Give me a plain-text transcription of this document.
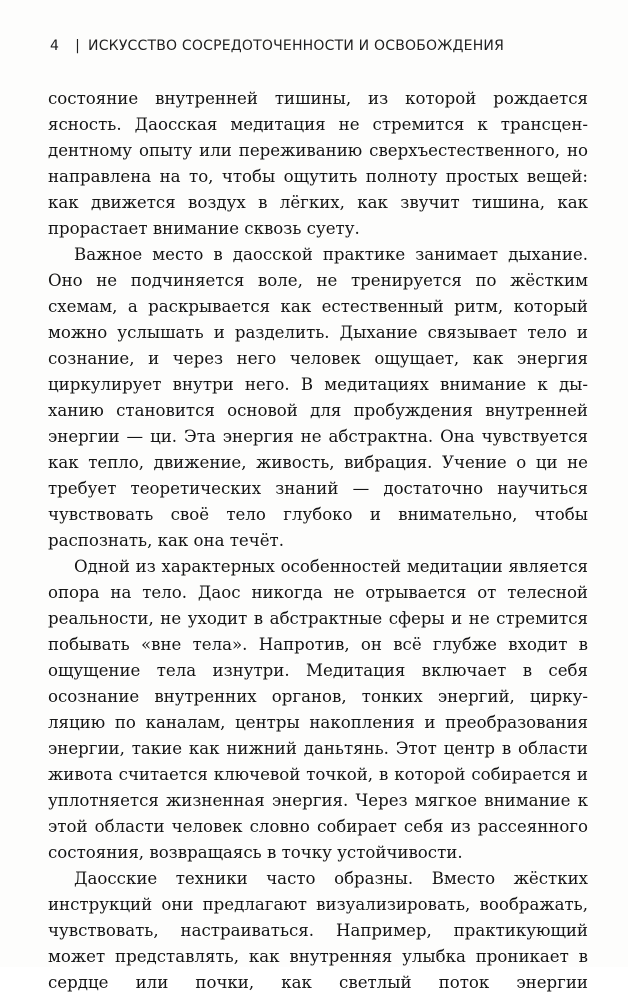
4 | ИСКУССТВО СОСРЕДОТОЧЕННОСТИ И ОСВОБОЖДЕНИЯ

состояние внутренней тишины, из которой рождается ясность. Даосская медитация не стремится к трансцендентному опыту или переживанию сверхъестественного, но направлена на то, чтобы ощутить полноту простых вещей: как движется воздух в лёгких, как звучит тишина, как прорастает внимание сквозь суету.

Важное место в даосской практике занимает дыхание. Оно не подчиняется воле, не тренируется по жёстким схемам, а раскрывается как естественный ритм, который можно услышать и разделить. Дыхание связывает тело и сознание, и через него человек ощущает, как энергия циркулирует внутри него. В медитациях внимание к дыханию становится основой для пробуждения внутренней энергии — ци. Эта энергия не абстрактна. Она чувствуется как тепло, движение, живость, вибрация. Учение о ци не требует теоретических знаний — достаточно научиться чувствовать своё тело глубоко и внимательно, чтобы распознать, как она течёт.

Одной из характерных особенностей медитации является опора на тело. Даос никогда не отрывается от телесной реальности, не уходит в абстрактные сферы и не стремится побывать «вне тела». Напротив, он всё глубже входит в ощущение тела изнутри. Медитация включает в себя осознание внутренних органов, тонких энергий, циркуляцию по каналам, центры накопления и преобразования энергии, такие как нижний даньтянь. Этот центр в области живота считается ключевой точкой, в которой собирается и уплотняется жизненная энергия. Через мягкое внимание к этой области человек словно собирает себя из рассеянного состояния, возвращаясь в точку устойчивости.

Даосские техники часто образны. Вместо жёстких инструкций они предлагают визуализировать, воображать, чувствовать, настраиваться. Например, практикующий может представлять, как внутренняя улыбка проникает в сердце или почки, как светлый поток энергии
